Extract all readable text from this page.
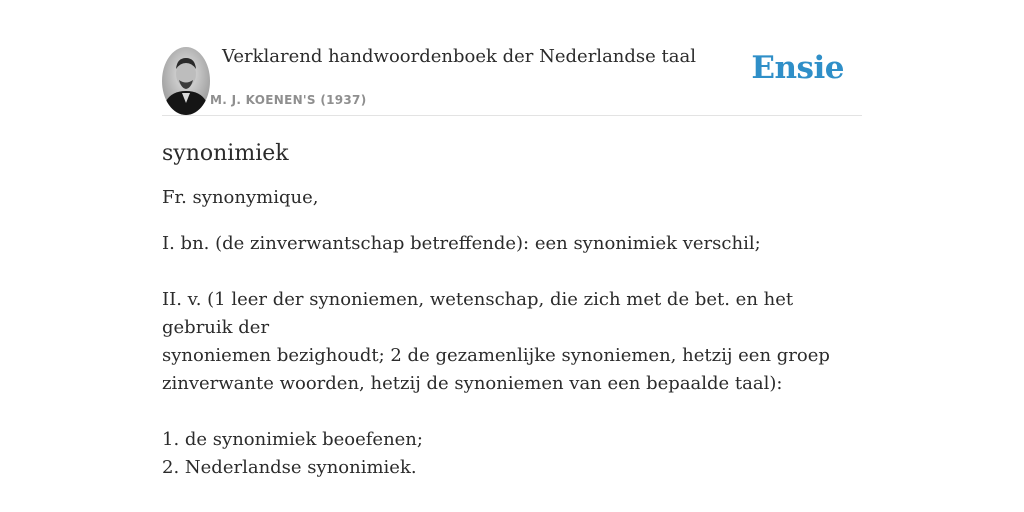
Verklarend handwoordenboek der Nederlandse taal
M. J. KOENEN'S (1937)
Ensie
synonimiek

Fr. synonymique,

I. bn. (de zinverwantschap betreffende): een synonimiek verschil;
II. v. (1 leer der synoniemen, wetenschap, die zich met de bet. en het gebruik der
synoniemen bezighoudt; 2 de gezamenlijke synoniemen, hetzij een groep
zinverwante woorden, hetzij de synoniemen van een bepaalde taal):
1. de synonimiek beoefenen;
2. Nederlandse synonimiek.
